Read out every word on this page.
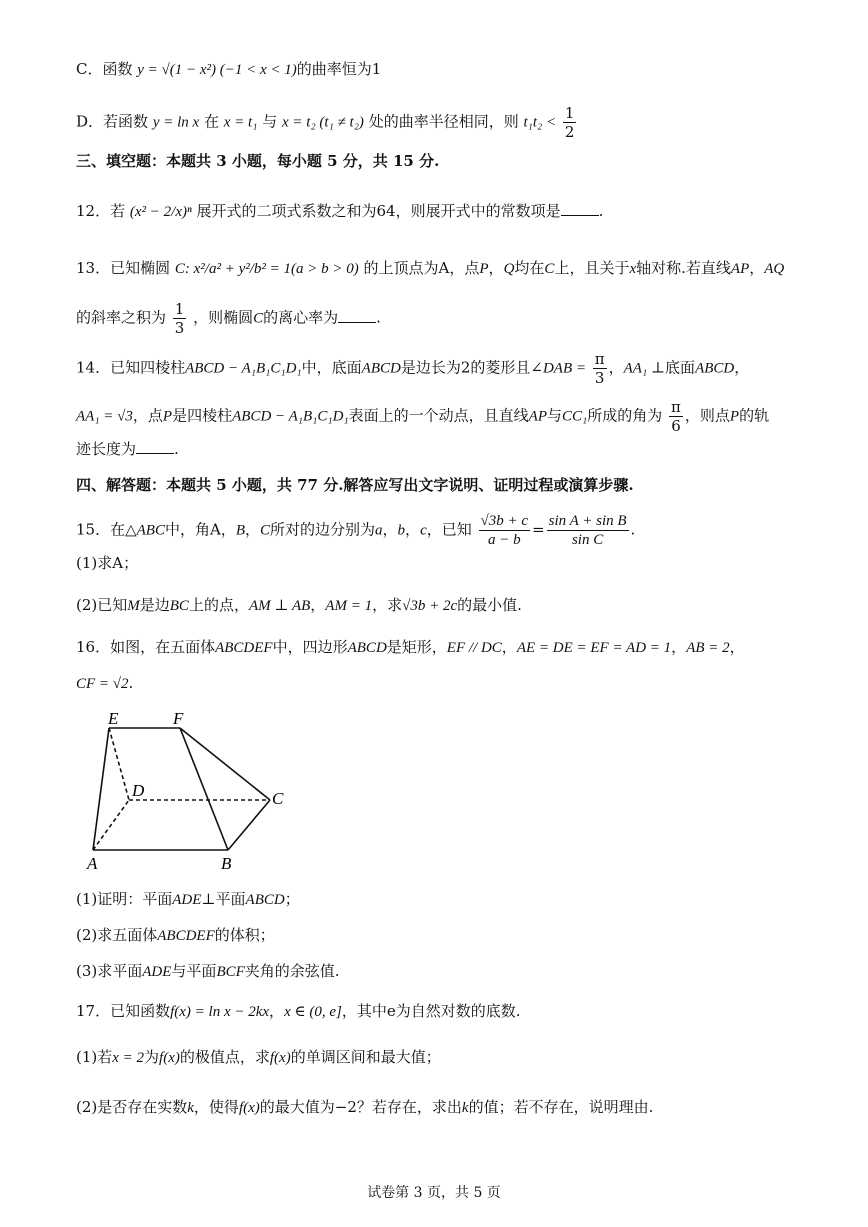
C．函数 y = √(1 − x²) (−1 < x < 1)的曲率恒为1
D．若函数 y = ln x 在 x = t₁ 与 x = t₂ (t₁ ≠ t₂) 处的曲率半径相同，则 $t_1t_2 < \frac{1}{2}$
三、填空题：本题共 3 小题，每小题 5 分，共 15 分.
12．若 (x² − 2/x)ⁿ 展开式的二项式系数之和为64，则展开式中的常数项是	.
13．已知椭圆 C: x²/a² + y²/b² = 1(a > b > 0) 的上顶点为A，点P，Q均在C上，且关于x轴对称.若直线AP，AQ
的斜率之积为 $\frac{1}{3}$ ，则椭圆C的离心率为	.
14．已知四棱柱ABCD − A₁B₁C₁D₁中，底面ABCD是边长为2的菱形且∠DAB = $\frac{\pi}{3}$ ，AA₁ ⊥底面ABCD，
AA₁ = √3，点P是四棱柱ABCD − A₁B₁C₁D₁表面上的一个动点，且直线AP与CC₁所成的角为 $\frac{\pi}{6}$ ，则点P的轨
迹长度为	.
四、解答题：本题共 5 小题，共 77 分.解答应写出文字说明、证明过程或演算步骤.
15．在△ABC中，角A，B，C所对的边分别为a，b，c，已知 $\frac{√3b + c}{a - b} = \frac{\text{sin A + sin B}}{\text{sin C}}$ .
(1)求A；
(2)已知M是边BC上的点，AM ⊥ AB，AM = 1，求√3b + 2c的最小值.
16．如图，在五面体ABCDEF中，四边形ABCD是矩形，EF // DC，AE = DE = EF = AD = 1，AB = 2，
CF = √2.
E	F
D	C
A	B
(1)证明：平面ADE⊥平面ABCD；
(2)求五面体ABCDEF的体积；
(3)求平面ADE与平面BCF夹角的余弦值.
17．已知函数f(x) = ln x − 2kx，x ∈ (0, e]，其中e为自然对数的底数.
(1)若x = 2为f(x)的极值点，求f(x)的单调区间和最大值；
(2)是否存在实数k，使得f(x)的最大值为−2？若存在，求出k的值；若不存在，说明理由.
试卷第 3 页，共 5 页
